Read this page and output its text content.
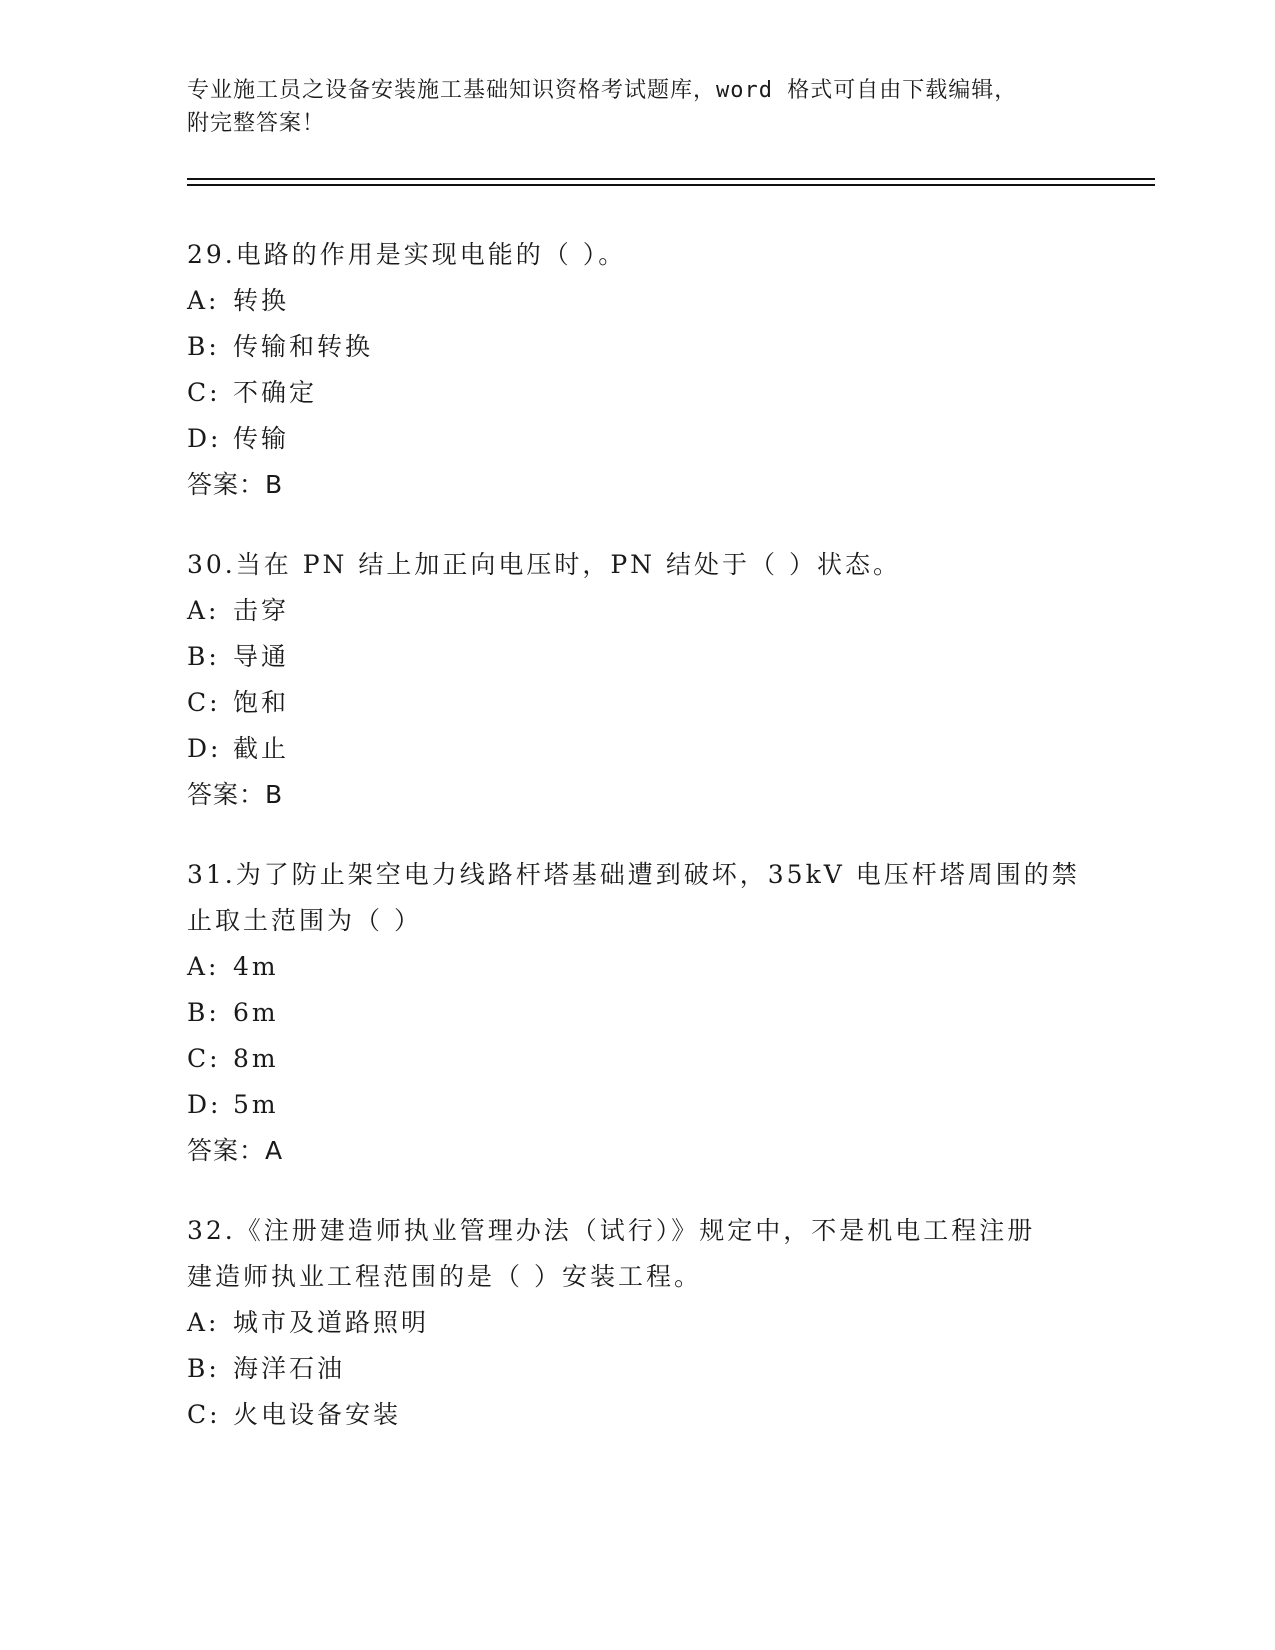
专业施工员之设备安装施工基础知识资格考试题库，word 格式可自由下载编辑，
附完整答案！
29.电路的作用是实现电能的（ ）。
A: 转换
B: 传输和转换
C: 不确定
D: 传输
答案：B
30.当在 PN 结上加正向电压时，PN 结处于（ ）状态。
A: 击穿
B: 导通
C: 饱和
D: 截止
答案：B
31.为了防止架空电力线路杆塔基础遭到破坏，35kV 电压杆塔周围的禁
止取土范围为（ ）
A: 4m
B: 6m
C: 8m
D: 5m
答案：A
32.《注册建造师执业管理办法（试行）》规定中，不是机电工程注册
建造师执业工程范围的是（ ）安装工程。
A: 城市及道路照明
B: 海洋石油
C: 火电设备安装
